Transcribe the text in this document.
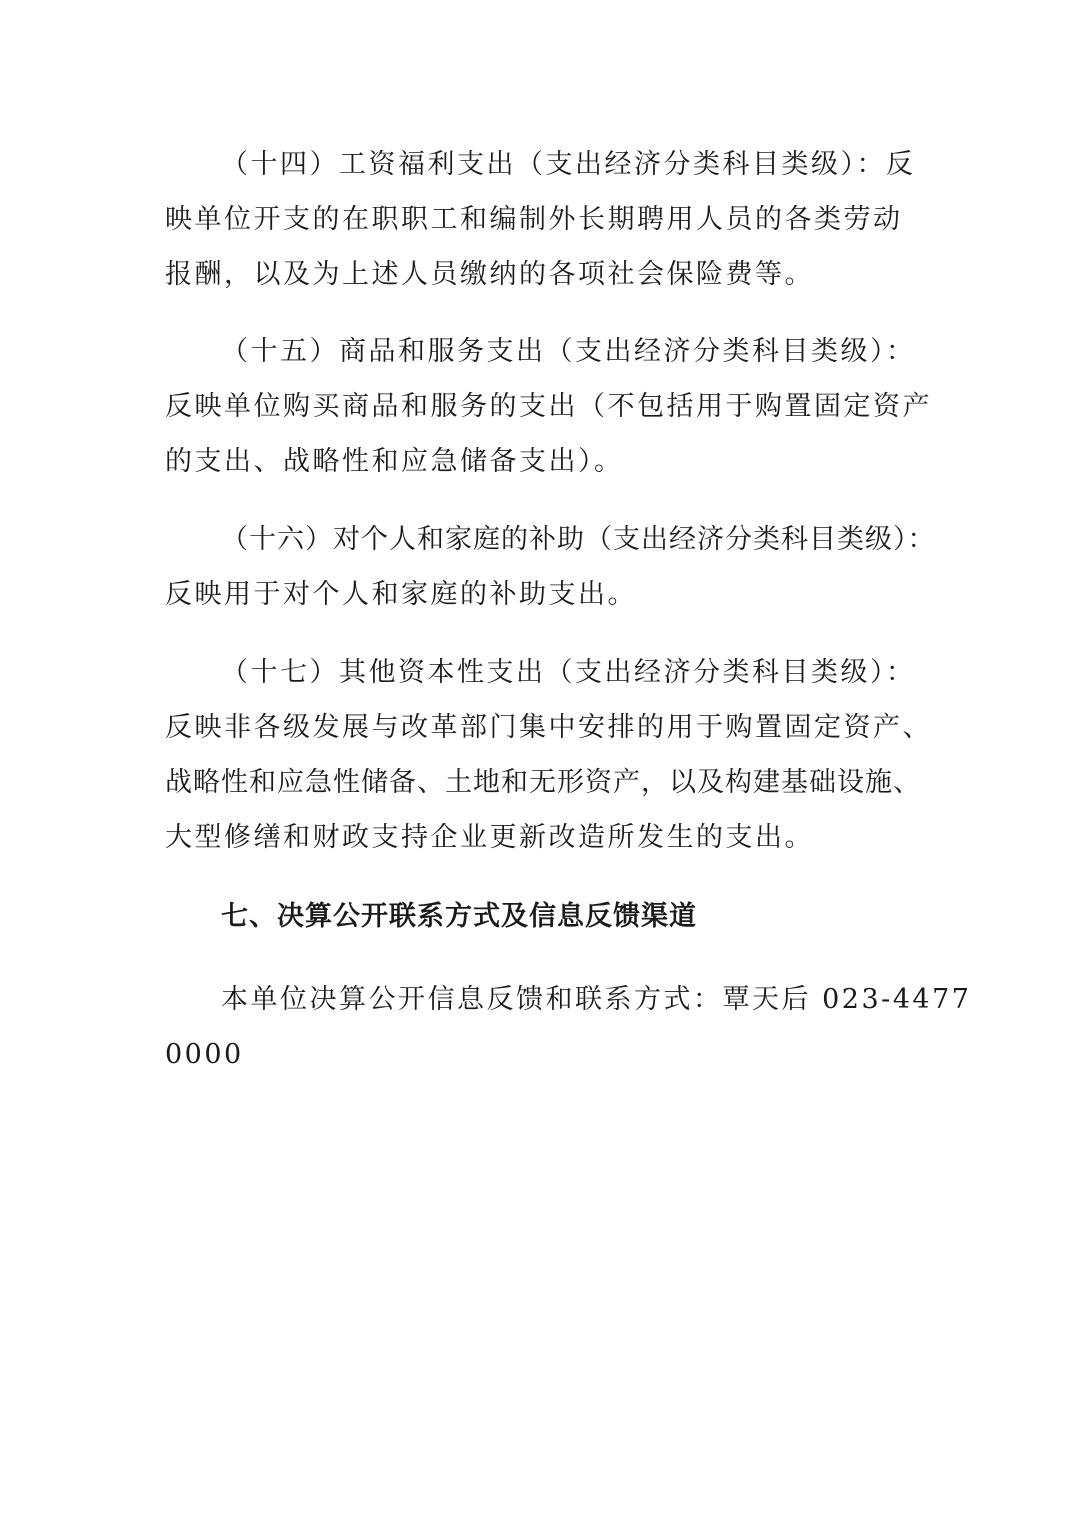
（十四）工资福利支出（支出经济分类科目类级）：反
映单位开支的在职职工和编制外长期聘用人员的各类劳动
报酬，以及为上述人员缴纳的各项社会保险费等。

（十五）商品和服务支出（支出经济分类科目类级）：
反映单位购买商品和服务的支出（不包括用于购置固定资产
的支出、战略性和应急储备支出）。

（十六）对个人和家庭的补助（支出经济分类科目类级）：
反映用于对个人和家庭的补助支出。

（十七）其他资本性支出（支出经济分类科目类级）：
反映非各级发展与改革部门集中安排的用于购置固定资产、
战略性和应急性储备、土地和无形资产，以及构建基础设施、
大型修缮和财政支持企业更新改造所发生的支出。

七、决算公开联系方式及信息反馈渠道

本单位决算公开信息反馈和联系方式：覃天后 023-4477
0000
